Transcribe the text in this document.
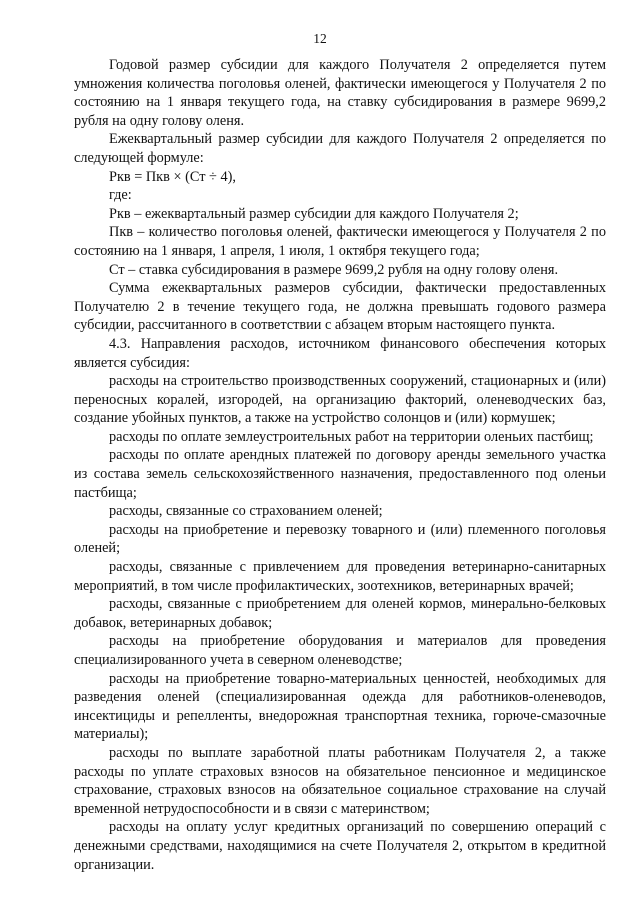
12

Годовой размер субсидии для каждого Получателя 2 определяется путем умножения количества поголовья оленей, фактически имеющегося у Получателя 2 по состоянию на 1 января текущего года, на ставку субсидирования в размере 9699,2 рубля на одну голову оленя.

Ежеквартальный размер субсидии для каждого Получателя 2 определяется по следующей формуле:

Ркв = Пкв × (Ст ÷ 4),

где:

Ркв – ежеквартальный размер субсидии для каждого Получателя 2;

Пкв – количество поголовья оленей, фактически имеющегося у Получателя 2 по состоянию на 1 января, 1 апреля, 1 июля, 1 октября текущего года;

Ст – ставка субсидирования в размере 9699,2 рубля на одну голову оленя.

Сумма ежеквартальных размеров субсидии, фактически предоставленных Получателю 2 в течение текущего года, не должна превышать годового размера субсидии, рассчитанного в соответствии с абзацем вторым настоящего пункта.

4.3. Направления расходов, источником финансового обеспечения которых является субсидия:

расходы на строительство производственных сооружений, стационарных и (или) переносных коралей, изгородей, на организацию факторий, оленеводческих баз, создание убойных пунктов, а также на устройство солонцов и (или) кормушек;

расходы по оплате землеустроительных работ на территории оленьих пастбищ;

расходы по оплате арендных платежей по договору аренды земельного участка из состава земель сельскохозяйственного назначения, предоставленного под оленьи пастбища;

расходы, связанные со страхованием оленей;

расходы на приобретение и перевозку товарного и (или) племенного поголовья оленей;

расходы, связанные с привлечением для проведения ветеринарно-санитарных мероприятий, в том числе профилактических, зоотехников, ветеринарных врачей;

расходы, связанные с приобретением для оленей кормов, минерально-белковых добавок, ветеринарных добавок;

расходы на приобретение оборудования и материалов для проведения специализированного учета в северном оленеводстве;

расходы на приобретение товарно-материальных ценностей, необходимых для разведения оленей (специализированная одежда для работников-оленеводов, инсектициды и репелленты, внедорожная транспортная техника, горюче-смазочные материалы);

расходы по выплате заработной платы работникам Получателя 2, а также расходы по уплате страховых взносов на обязательное пенсионное и медицинское страхование, страховых взносов на обязательное социальное страхование на случай временной нетрудоспособности и в связи с материнством;

расходы на оплату услуг кредитных организаций по совершению операций с денежными средствами, находящимися на счете Получателя 2, открытом в кредитной организации.
